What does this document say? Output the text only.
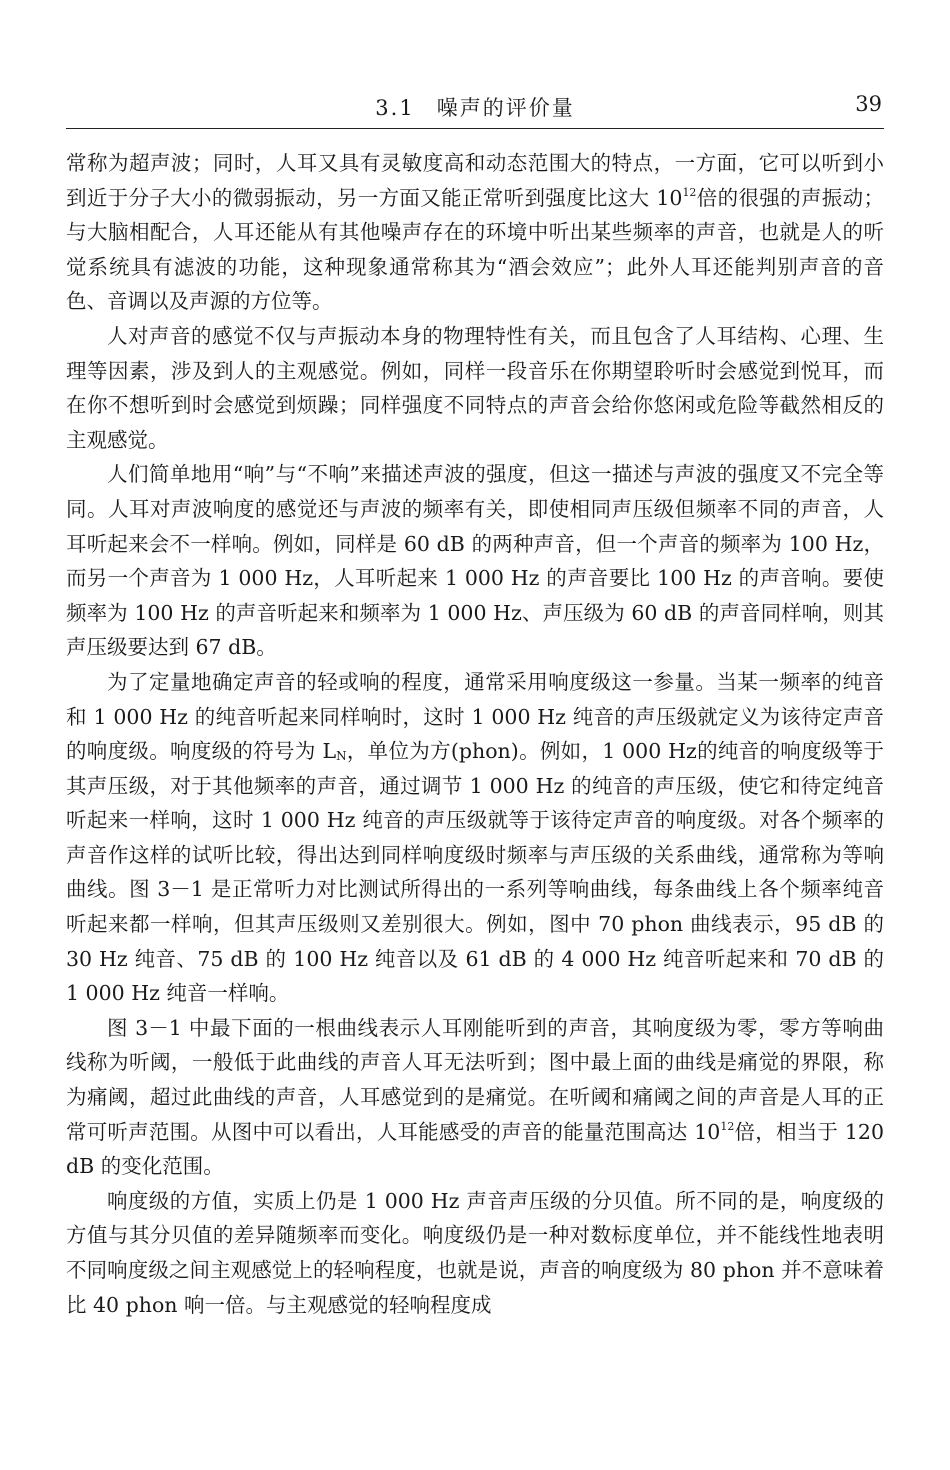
3.1 噪声的评价量	39

常称为超声波；同时，人耳又具有灵敏度高和动态范围大的特点，一方面，它可以听到小到近于分子大小的微弱振动，另一方面又能正常听到强度比这大 $10^{12}$倍的很强的声振动；与大脑相配合，人耳还能从有其他噪声存在的环境中听出某些频率的声音，也就是人的听觉系统具有滤波的功能，这种现象通常称其为“酒会效应”；此外人耳还能判别声音的音色、音调以及声源的方位等。

人对声音的感觉不仅与声振动本身的物理特性有关，而且包含了人耳结构、心理、生理等因素，涉及到人的主观感觉。例如，同样一段音乐在你期望聆听时会感觉到悦耳，而在你不想听到时会感觉到烦躁；同样强度不同特点的声音会给你悠闲或危险等截然相反的主观感觉。

人们简单地用“响”与“不响”来描述声波的强度，但这一描述与声波的强度又不完全等同。人耳对声波响度的感觉还与声波的频率有关，即使相同声压级但频率不同的声音，人耳听起来会不一样响。例如，同样是 60 dB 的两种声音，但一个声音的频率为 100 Hz，而另一个声音为 1 000 Hz，人耳听起来 1 000 Hz 的声音要比 100 Hz 的声音响。要使频率为 100 Hz 的声音听起来和频率为 1 000 Hz、声压级为 60 dB 的声音同样响，则其声压级要达到 67 dB。

为了定量地确定声音的轻或响的程度，通常采用响度级这一参量。当某一频率的纯音和 1 000 Hz 的纯音听起来同样响时，这时 1 000 Hz 纯音的声压级就定义为该待定声音的响度级。响度级的符号为 $L_N$，单位为方(phon)。例如，1 000 Hz的纯音的响度级等于其声压级，对于其他频率的声音，通过调节 1 000 Hz 的纯音的声压级，使它和待定纯音听起来一样响，这时 1 000 Hz 纯音的声压级就等于该待定声音的响度级。对各个频率的声音作这样的试听比较，得出达到同样响度级时频率与声压级的关系曲线，通常称为等响曲线。图 3－1 是正常听力对比测试所得出的一系列等响曲线，每条曲线上各个频率纯音听起来都一样响，但其声压级则又差别很大。例如，图中 70 phon 曲线表示，95 dB 的 30 Hz 纯音、75 dB 的 100 Hz 纯音以及 61 dB 的 4 000 Hz 纯音听起来和 70 dB 的 1 000 Hz 纯音一样响。

图 3－1 中最下面的一根曲线表示人耳刚能听到的声音，其响度级为零，零方等响曲线称为听阈，一般低于此曲线的声音人耳无法听到；图中最上面的曲线是痛觉的界限，称为痛阈，超过此曲线的声音，人耳感觉到的是痛觉。在听阈和痛阈之间的声音是人耳的正常可听声范围。从图中可以看出，人耳能感受的声音的能量范围高达 $10^{12}$倍，相当于 120 dB 的变化范围。

响度级的方值，实质上仍是 1 000 Hz 声音声压级的分贝值。所不同的是，响度级的方值与其分贝值的差异随频率而变化。响度级仍是一种对数标度单位，并不能线性地表明不同响度级之间主观感觉上的轻响程度，也就是说，声音的响度级为 80 phon 并不意味着比 40 phon 响一倍。与主观感觉的轻响程度成
